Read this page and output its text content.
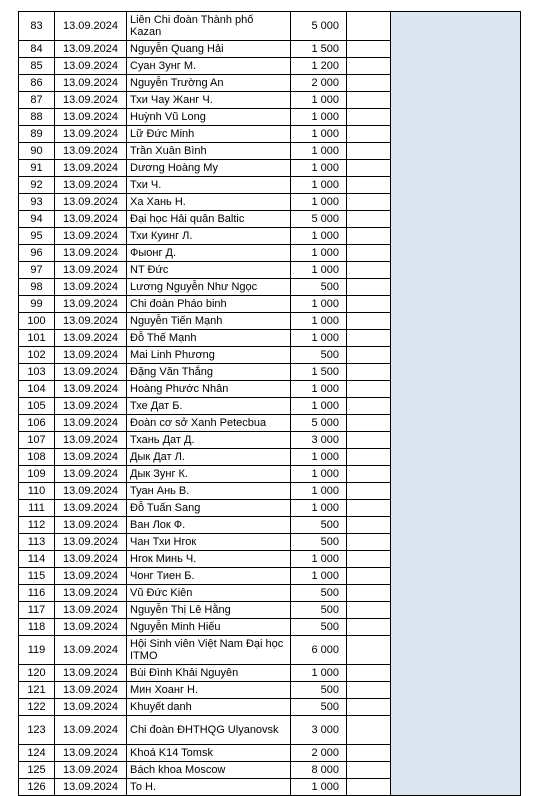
83	13.09.2024	Liên Chi đoàn Thành phố Kazan	5 000		
84	13.09.2024	Nguyễn Quang Hải	1 500		
85	13.09.2024	Суан Зунг М.	1 200		
86	13.09.2024	Nguyễn Trường An	2 000		
87	13.09.2024	Тхи Чау Жанг Ч.	1 000		
88	13.09.2024	Huỳnh Vũ Long	1 000		
89	13.09.2024	Lữ Đức Minh	1 000		
90	13.09.2024	Trần Xuân Bình	1 000		
91	13.09.2024	Dương Hoàng My	1 000		
92	13.09.2024	Тхи Ч.	1 000		
93	13.09.2024	Ха Хань Н.	1 000		
94	13.09.2024	Đại học Hải quân Baltic	5 000		
95	13.09.2024	Тхи Куинг Л.	1 000		
96	13.09.2024	Фыонг Д.	1 000		
97	13.09.2024	NT Đức	1 000		
98	13.09.2024	Lương Nguyễn Như Ngọc	500		
99	13.09.2024	Chi đoàn Pháo binh	1 000		
100	13.09.2024	Nguyễn Tiến Mạnh	1 000		
101	13.09.2024	Đỗ Thế Mạnh	1 000		
102	13.09.2024	Mai Linh Phương	500		
103	13.09.2024	Đặng Văn Thắng	1 500		
104	13.09.2024	Hoàng Phước Nhân	1 000		
105	13.09.2024	Тхе Дат Б.	1 000		
106	13.09.2024	Đoàn cơ sở Xanh Petecbua	5 000		
107	13.09.2024	Тхань Дат Д.	3 000		
108	13.09.2024	Дык Дат Л.	1 000		
109	13.09.2024	Дык Зунг К.	1 000		
110	13.09.2024	Туан Ань В.	1 000		
111	13.09.2024	Đỗ Tuấn Sang	1 000		
112	13.09.2024	Ван Лок Ф.	500		
113	13.09.2024	Чан Тхи Нгок	500		
114	13.09.2024	Нгок Минь Ч.	1 000		
115	13.09.2024	Чонг Тиен Б.	1 000		
116	13.09.2024	Vũ Đức Kiên	500		
117	13.09.2024	Nguyễn Thị Lê Hằng	500		
118	13.09.2024	Nguyễn Minh Hiếu	500		
119	13.09.2024	Hội Sinh viên Việt Nam Đại học ITMO	6 000		
120	13.09.2024	Bùi Đình Khải Nguyên	1 000		
121	13.09.2024	Мин Хоанг Н.	500		
122	13.09.2024	Khuyết danh	500		
123	13.09.2024	Chi đoàn ĐHTHQG Ulyanovsk	3 000		
124	13.09.2024	Khoá K14 Tomsk	2 000		
125	13.09.2024	Bách khoa Moscow	8 000		
126	13.09.2024	То Н.	1 000		
